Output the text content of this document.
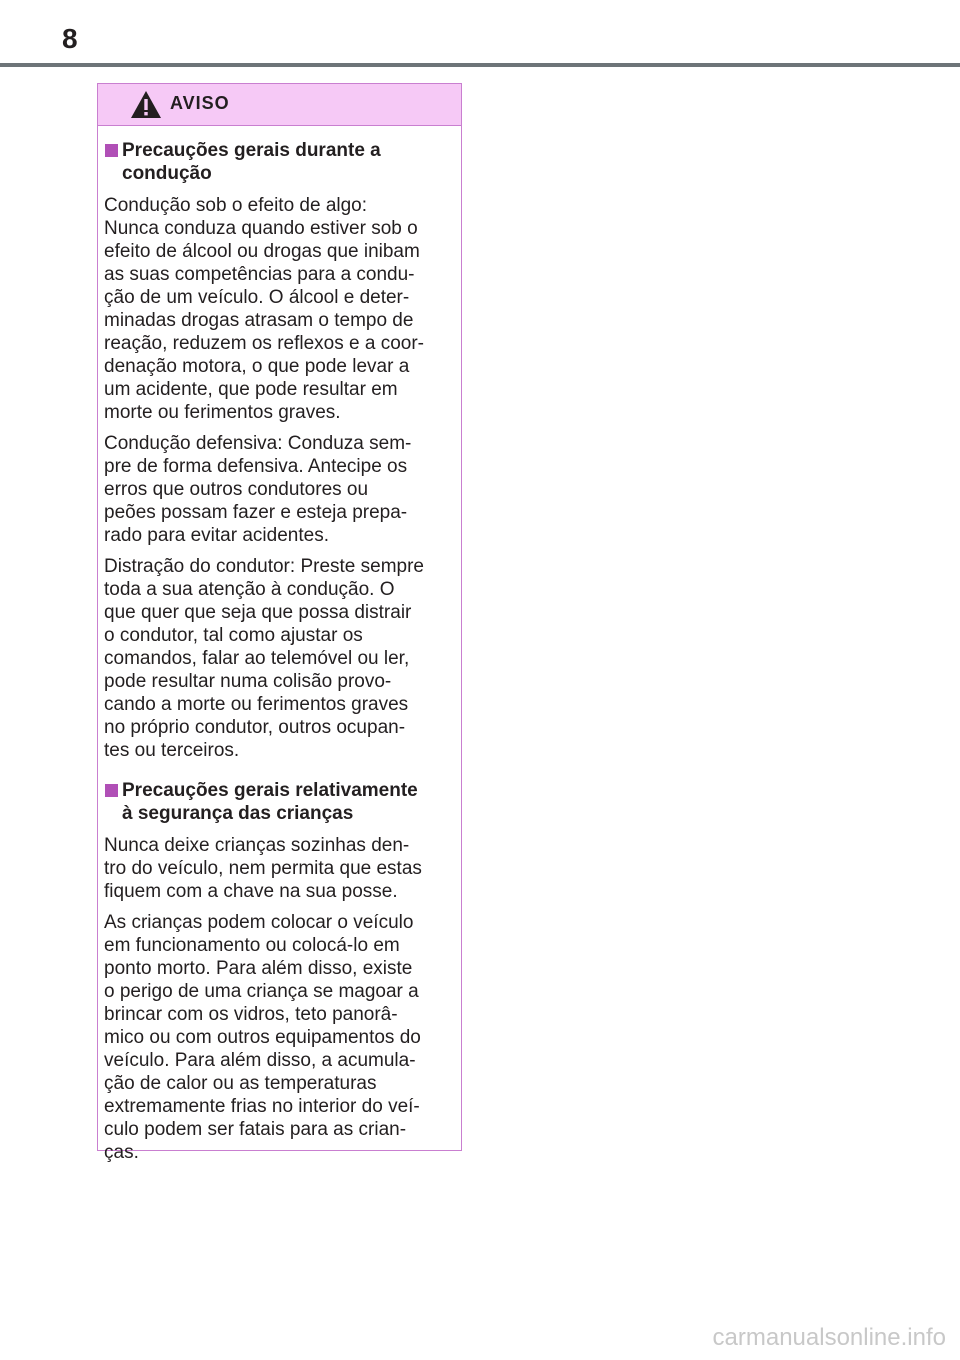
8
AVISO
Precauções gerais durante a
condução

Condução sob o efeito de algo:
Nunca conduza quando estiver sob o
efeito de álcool ou drogas que inibam
as suas competências para a condu-
ção de um veículo. O álcool e deter-
minadas drogas atrasam o tempo de
reação, reduzem os reflexos e a coor-
denação motora, o que pode levar a
um acidente, que pode resultar em
morte ou ferimentos graves.

Condução defensiva: Conduza sem-
pre de forma defensiva. Antecipe os
erros que outros condutores ou
peões possam fazer e esteja prepa-
rado para evitar acidentes.

Distração do condutor: Preste sempre
toda a sua atenção à condução. O
que quer que seja que possa distrair
o condutor, tal como ajustar os
comandos, falar ao telemóvel ou ler,
pode resultar numa colisão provo-
cando a morte ou ferimentos graves
no próprio condutor, outros ocupan-
tes ou terceiros.

Precauções gerais relativamente
à segurança das crianças

Nunca deixe crianças sozinhas den-
tro do veículo, nem permita que estas
fiquem com a chave na sua posse.

As crianças podem colocar o veículo
em funcionamento ou colocá-lo em
ponto morto. Para além disso, existe
o perigo de uma criança se magoar a
brincar com os vidros, teto panorâ-
mico ou com outros equipamentos do
veículo. Para além disso, a acumula-
ção de calor ou as temperaturas
extremamente frias no interior do veí-
culo podem ser fatais para as crian-
ças.

carmanualsonline.info
